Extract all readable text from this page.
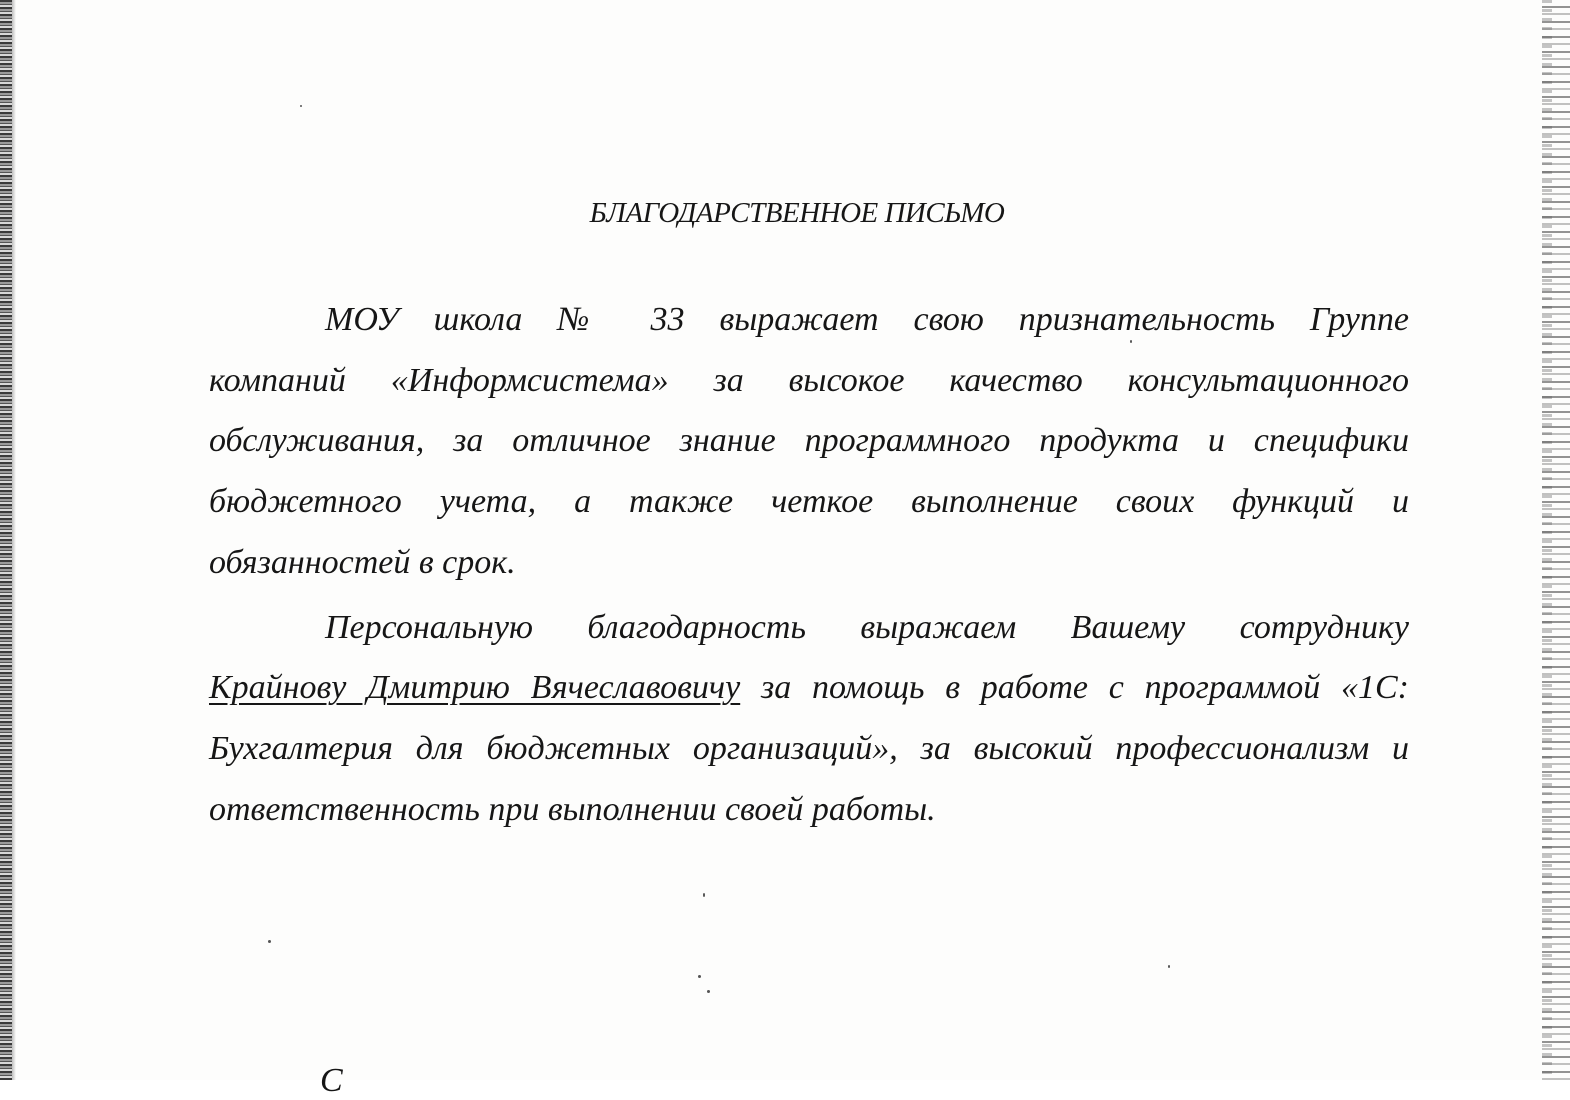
БЛАГОДАРСТВЕННОЕ ПИСЬМО
МОУ школа № 33 выражает свою признательность Группе
компаний «Информсистема» за высокое качество консультационного
обслуживания, за отличное знание программного продукта и специфики
бюджетного учета, а также четкое выполнение своих функций и
обязанностей в срок.
Персональную благодарность выражаем Вашему сотруднику
Крайнову Дмитрию Вячеславовичу за помощь в работе с программой «1С:
Бухгалтерия для бюджетных организаций», за высокий профессионализм и
ответственность при выполнении своей работы.
С
